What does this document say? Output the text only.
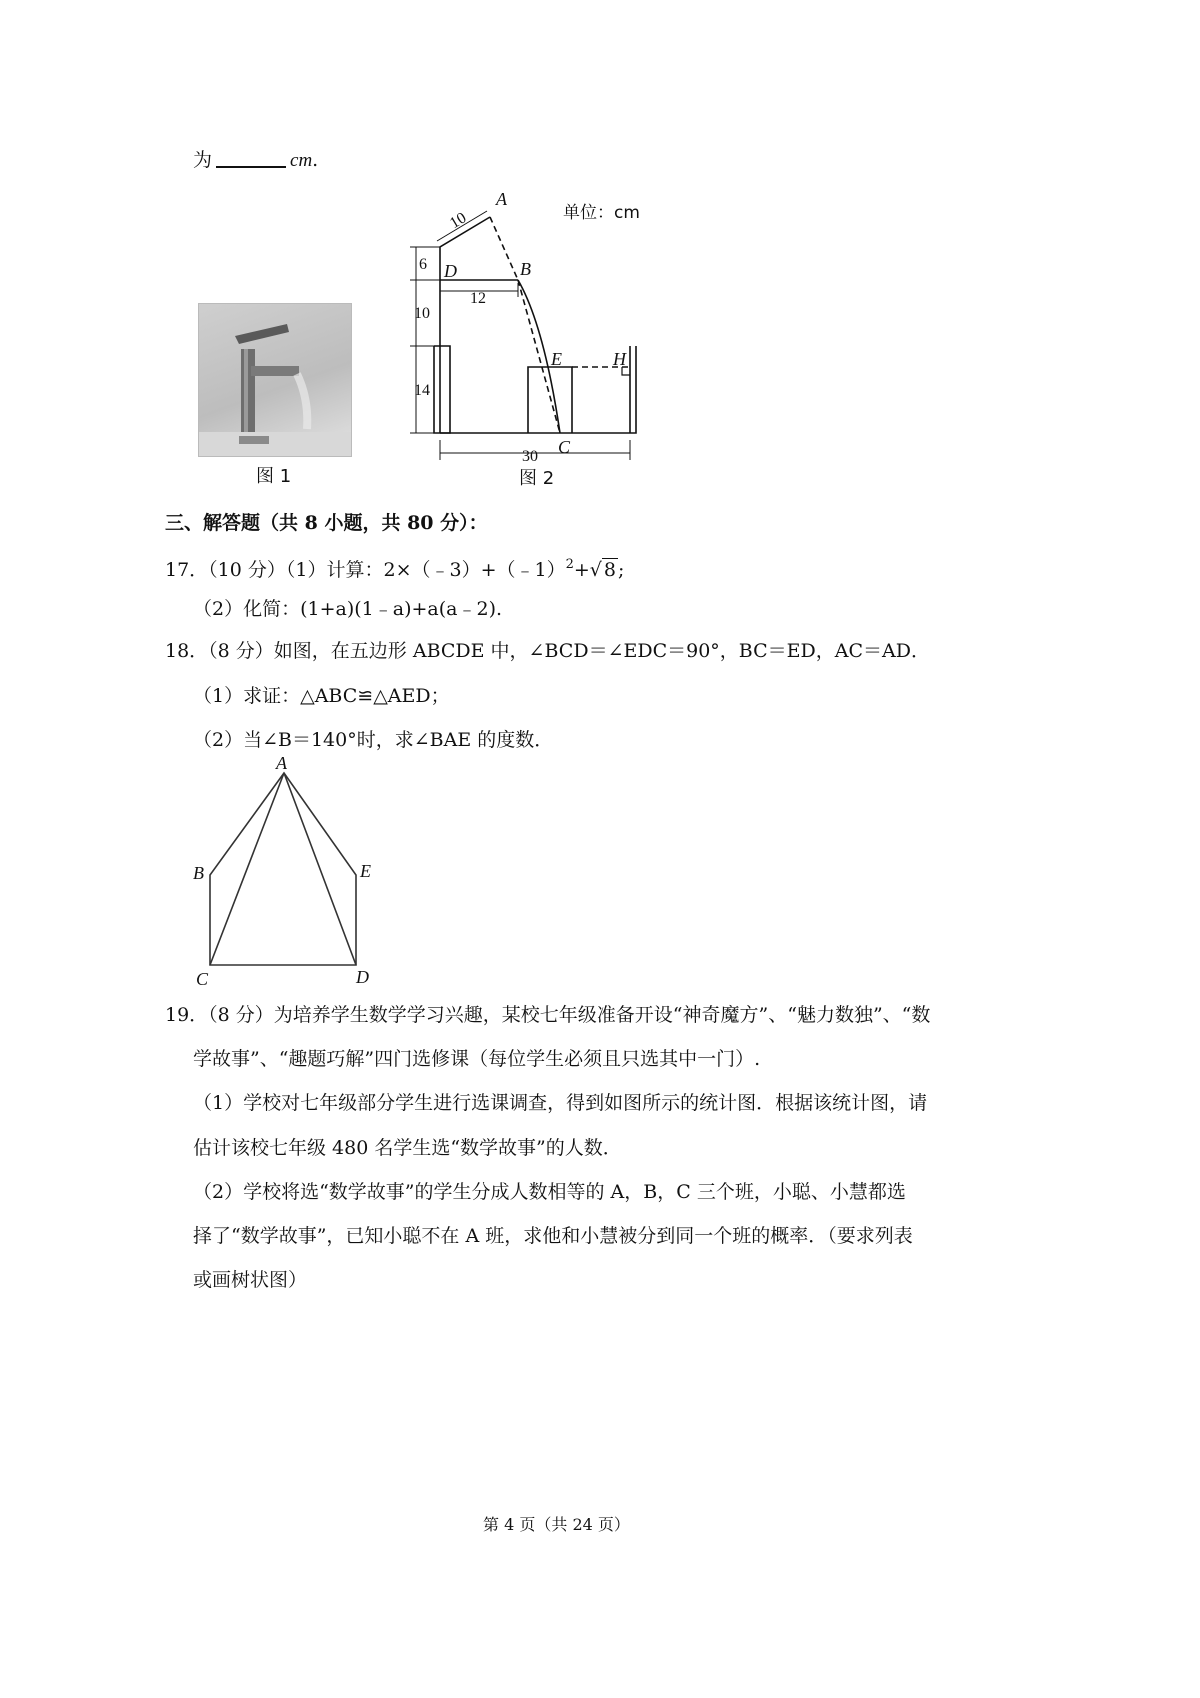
为	cm.
图 1
A
B
C
D
E	H
10
6
12
10
14
30
单位：cm
图 2
三、解答题（共 8 小题，共 80 分）：
17．（10 分）（1）计算：2×（﹣3）+（﹣1）$^2$+√ 8 ;
（2）化简：(1+a)(1﹣a)+a(a﹣2).
18．（8 分）如图，在五边形 ABCDE 中，∠BCD＝∠EDC＝90°，BC＝ED，AC＝AD．
（1）求证：△ABC≌△AED；
（2）当∠B＝140°时，求∠BAE 的度数．
A
B
C	D
E
19．（8 分）为培养学生数学学习兴趣，某校七年级准备开设“神奇魔方”、“魅力数独”、“数
学故事”、“趣题巧解”四门选修课（每位学生必须且只选其中一门）.
（1）学校对七年级部分学生进行选课调查，得到如图所示的统计图．根据该统计图，请
估计该校七年级 480 名学生选“数学故事”的人数．
（2）学校将选“数学故事”的学生分成人数相等的 A，B，C 三个班，小聪、小慧都选
择了“数学故事”，已知小聪不在 A 班，求他和小慧被分到同一个班的概率．（要求列表
或画树状图）
第 4 页（共 24 页）
